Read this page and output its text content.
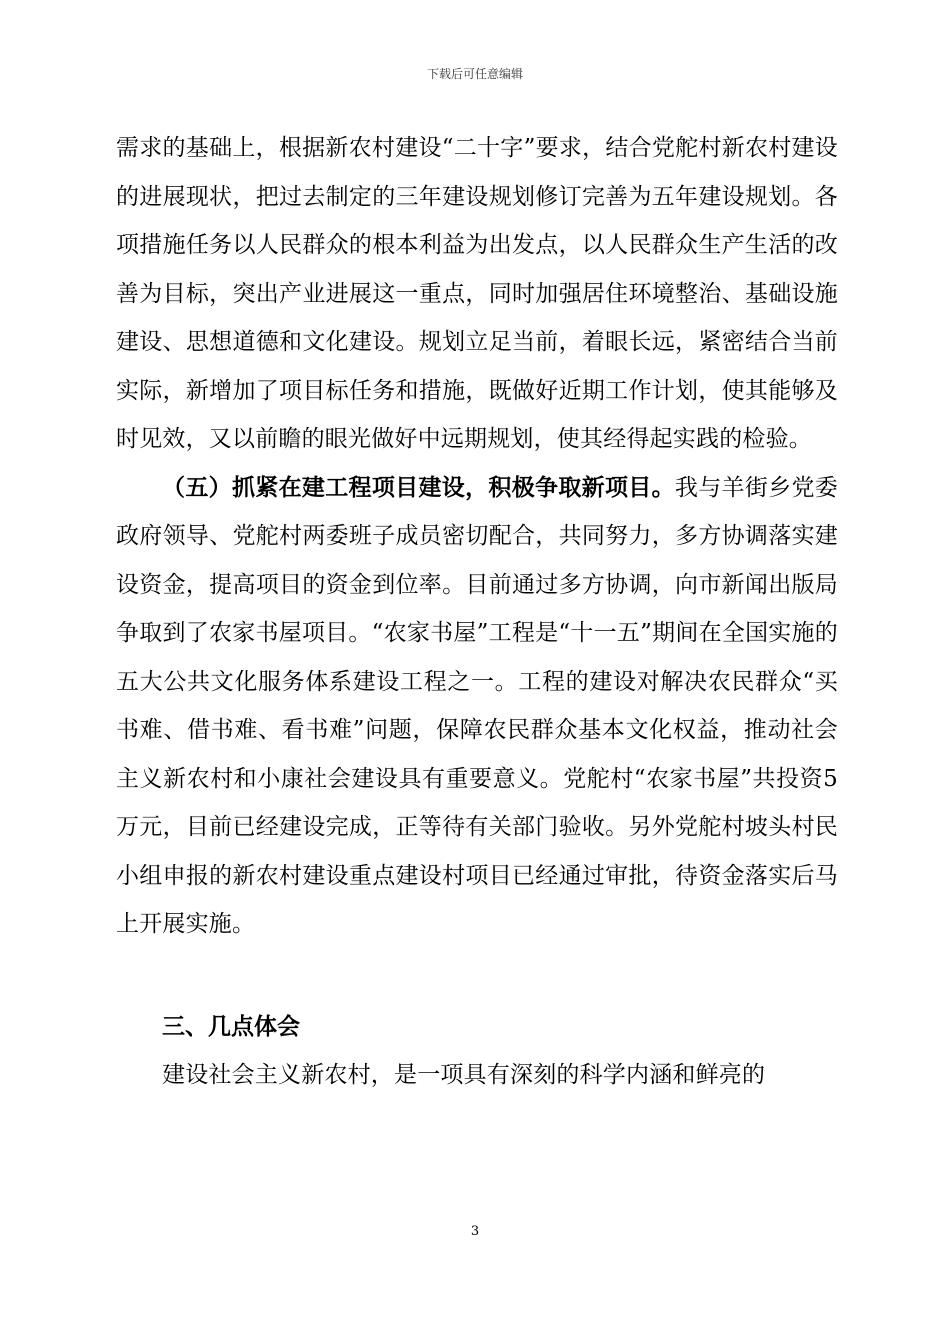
下载后可任意编辑

需求的基础上，根据新农村建设“二十字”要求，结合党舵村新农村建设的进展现状，把过去制定的三年建设规划修订完善为五年建设规划。各项措施任务以人民群众的根本利益为出发点，以人民群众生产生活的改善为目标，突出产业进展这一重点，同时加强居住环境整治、基础设施建设、思想道德和文化建设。规划立足当前，着眼长远，紧密结合当前实际，新增加了项目标任务和措施，既做好近期工作计划，使其能够及时见效，又以前瞻的眼光做好中远期规划，使其经得起实践的检验。

（五）抓紧在建工程项目建设，积极争取新项目。我与羊街乡党委政府领导、党舵村两委班子成员密切配合，共同努力，多方协调落实建设资金，提高项目的资金到位率。目前通过多方协调，向市新闻出版局争取到了农家书屋项目。“农家书屋”工程是“十一五”期间在全国实施的五大公共文化服务体系建设工程之一。工程的建设对解决农民群众“买书难、借书难、看书难”问题，保障农民群众基本文化权益，推动社会主义新农村和小康社会建设具有重要意义。党舵村“农家书屋”共投资5万元，目前已经建设完成，正等待有关部门验收。另外党舵村坡头村民小组申报的新农村建设重点建设村项目已经通过审批，待资金落实后马上开展实施。

三、几点体会

建设社会主义新农村，是一项具有深刻的科学内涵和鲜亮的

3
